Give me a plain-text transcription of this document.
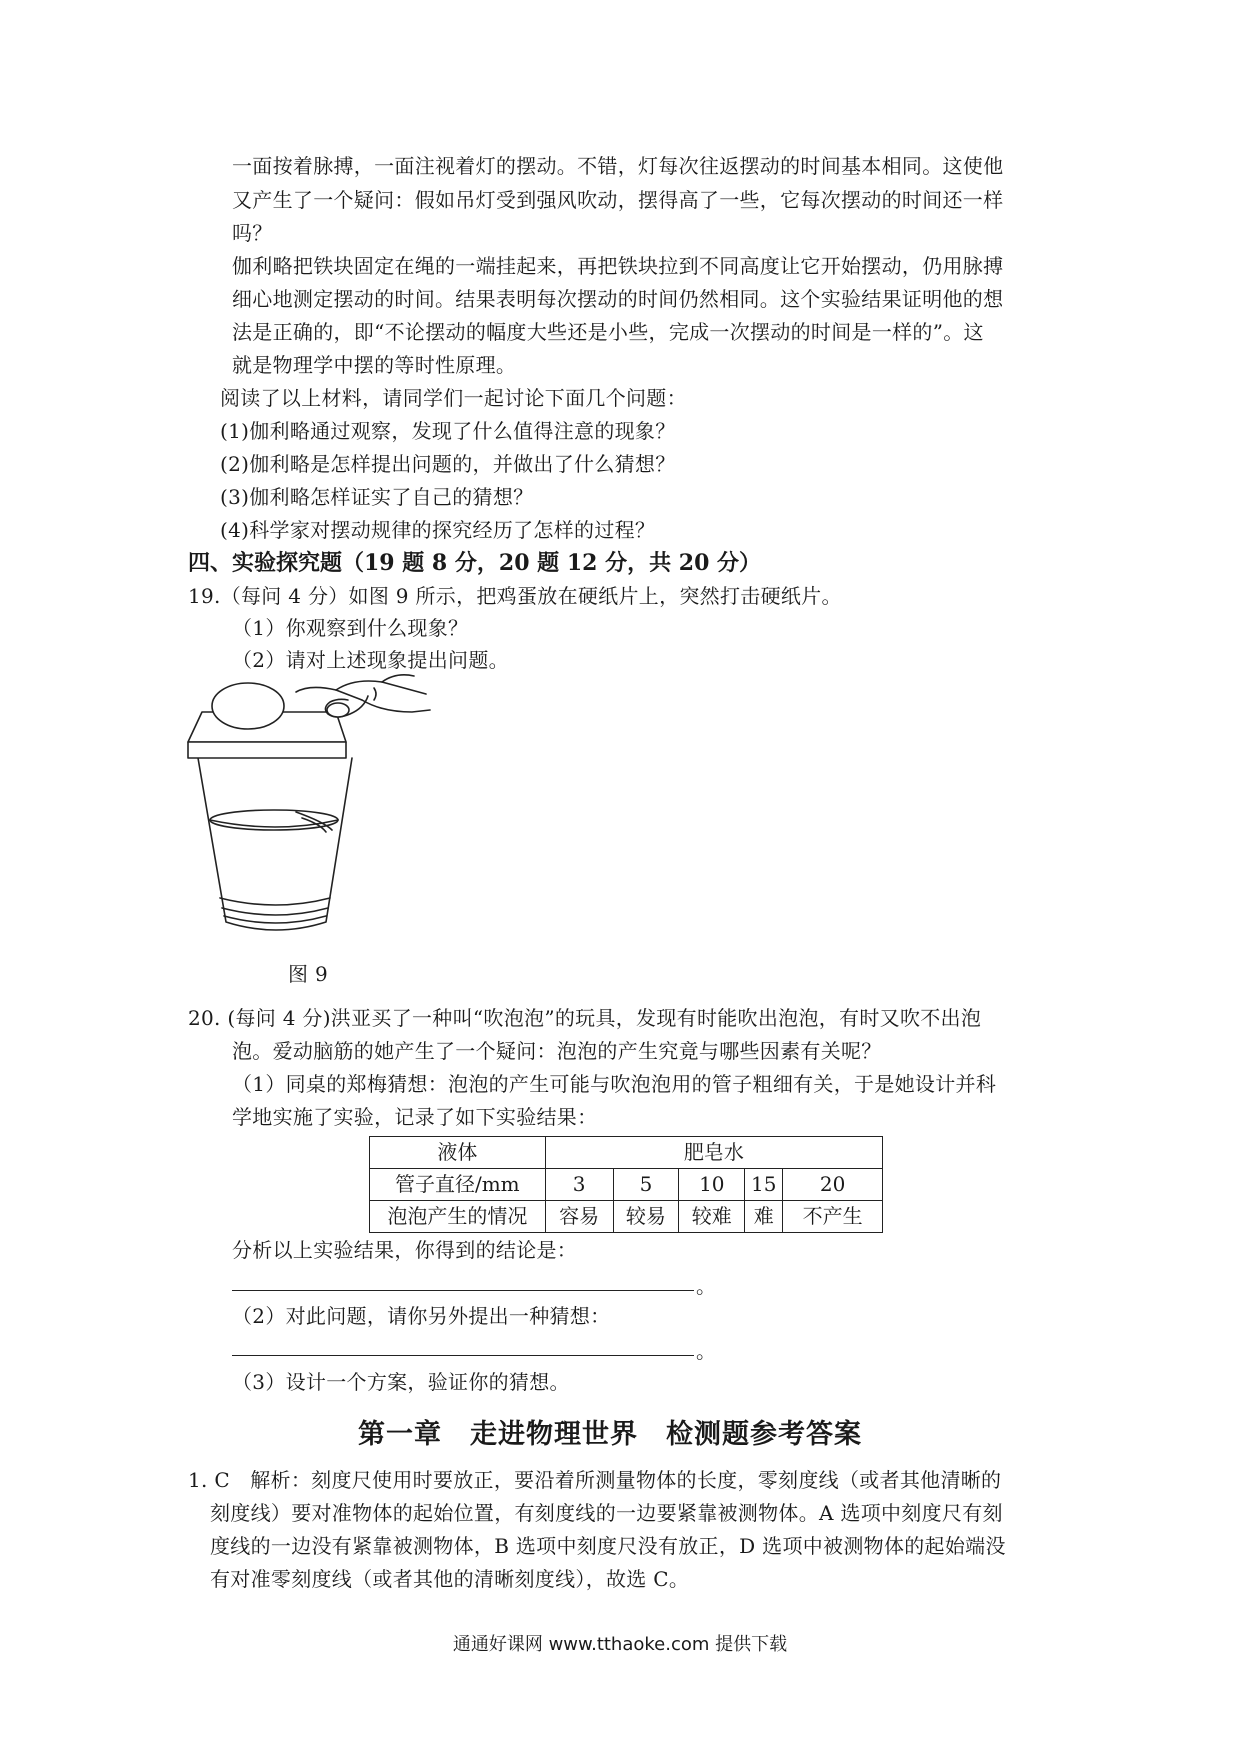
一面按着脉搏，一面注视着灯的摆动。不错，灯每次往返摆动的时间基本相同。这使他
又产生了一个疑问：假如吊灯受到强风吹动，摆得高了一些，它每次摆动的时间还一样
吗？
伽利略把铁块固定在绳的一端挂起来，再把铁块拉到不同高度让它开始摆动，仍用脉搏
细心地测定摆动的时间。结果表明每次摆动的时间仍然相同。这个实验结果证明他的想
法是正确的，即“不论摆动的幅度大些还是小些，完成一次摆动的时间是一样的”。这
就是物理学中摆的等时性原理。
阅读了以上材料，请同学们一起讨论下面几个问题：
(1)伽利略通过观察，发现了什么值得注意的现象？
(2)伽利略是怎样提出问题的，并做出了什么猜想？
(3)伽利略怎样证实了自己的猜想？
(4)科学家对摆动规律的探究经历了怎样的过程？
四、实验探究题（19 题 8 分，20 题 12 分，共 20 分）
19.（每问 4 分）如图 9 所示，把鸡蛋放在硬纸片上，突然打击硬纸片。
（1）你观察到什么现象？
（2）请对上述现象提出问题。
图 9
20. (每问 4 分)洪亚买了一种叫“吹泡泡”的玩具，发现有时能吹出泡泡，有时又吹不出泡
泡。爱动脑筋的她产生了一个疑问：泡泡的产生究竟与哪些因素有关呢？
（1）同桌的郑梅猜想：泡泡的产生可能与吹泡泡用的管子粗细有关，于是她设计并科
学地实施了实验，记录了如下实验结果：
液体	肥皂水				
管子直径/mm	3	5	10	15	20
泡泡产生的情况	容易	较易	较难	难	不产生
分析以上实验结果，你得到的结论是：
。
（2）对此问题，请你另外提出一种猜想：
。
（3）设计一个方案，验证你的猜想。
第一章　走进物理世界　检测题参考答案
1. C　解析：刻度尺使用时要放正，要沿着所测量物体的长度，零刻度线（或者其他清晰的
刻度线）要对准物体的起始位置，有刻度线的一边要紧靠被测物体。A 选项中刻度尺有刻
度线的一边没有紧靠被测物体，B 选项中刻度尺没有放正，D 选项中被测物体的起始端没
有对准零刻度线（或者其他的清晰刻度线），故选 C。
通通好课网 www.tthaoke.com 提供下载
